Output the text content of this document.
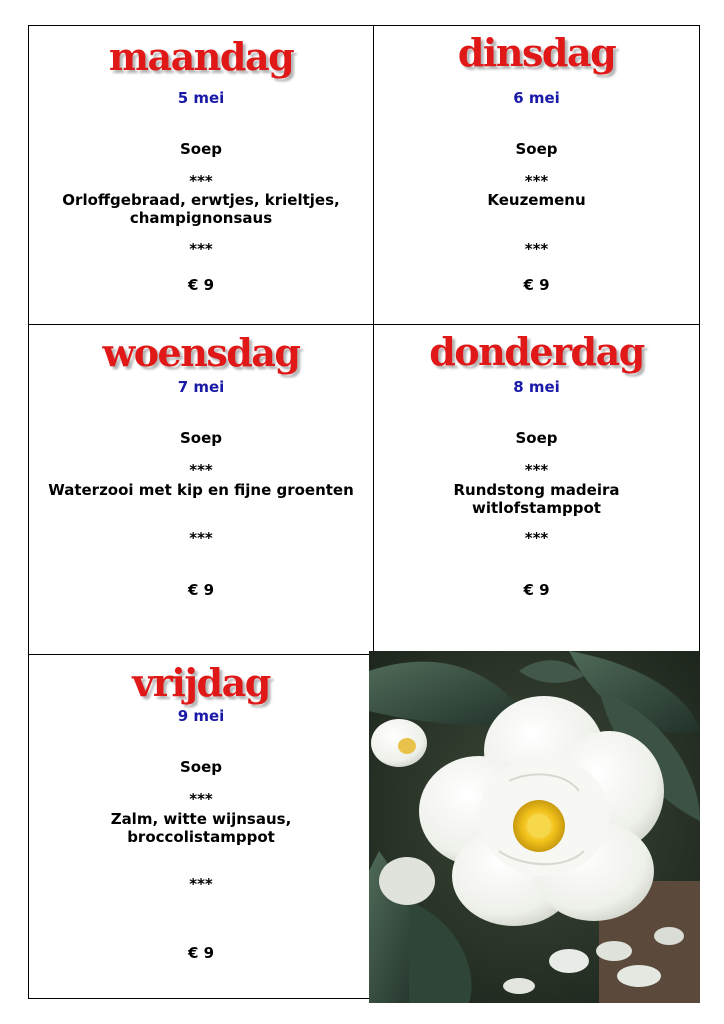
maandag
5 mei
Soep
***
Orloffgebraad, erwtjes, krieltjes, champignonsaus
***
€ 9
dinsdag
6 mei
Soep
***
Keuzemenu
***
€ 9
woensdag
7 mei
Soep
***
Waterzooi met kip en fijne groenten
***
€ 9
donderdag
8 mei
Soep
***
Rundstong madeira witlofstamppot
***
€ 9
vrijdag
9 mei
Soep
***
Zalm, witte wijnsaus, broccolistamppot
***
€ 9
